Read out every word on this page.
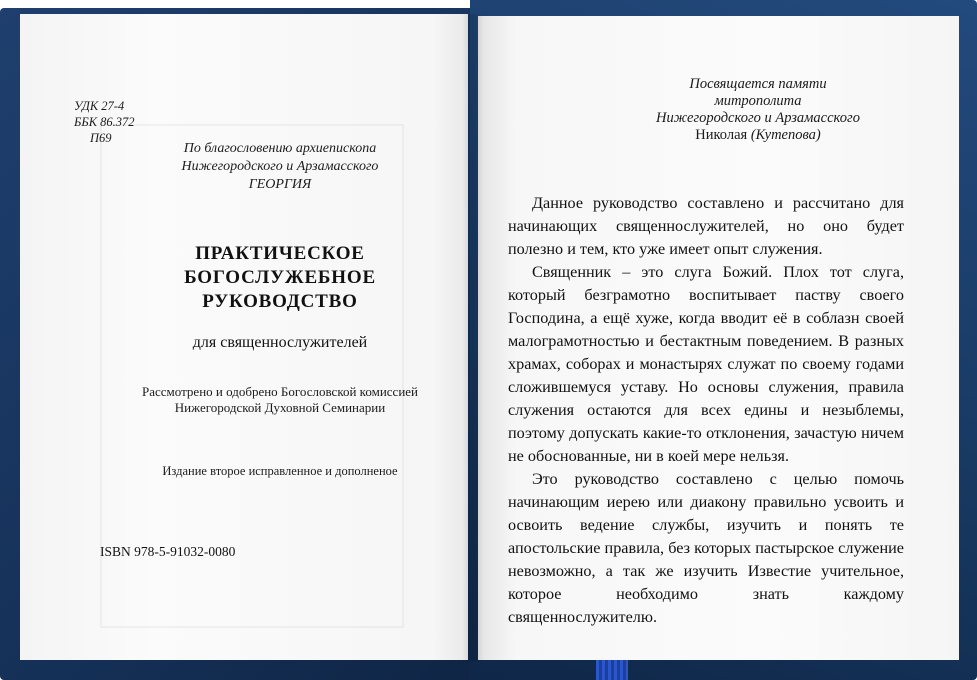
УДК 27-4
ББК 86.372
П69
По благословению архиепископа
Нижегородского и Арзамасского
ГЕОРГИЯ
ПРАКТИЧЕСКОЕ
БОГОСЛУЖЕБНОЕ
РУКОВОДСТВО
для священнослужителей
Рассмотрено и одобрено Богословской комиссией
Нижегородской Духовной Семинарии
Издание второе исправленное и дополненое
ISBN 978-5-91032-0080
Посвящается памяти
митрополита
Нижегородского и Арзамасского
Николая (Кутепова)

Данное руководство составлено и рассчитано для начинающих священнослужителей, но оно будет полезно и тем, кто уже имеет опыт служения.

Священник – это слуга Божий. Плох тот слуга, который безграмотно воспитывает паству своего Господина, а ещё хуже, когда вводит её в соблазн своей малограмотностью и бестактным поведением. В разных храмах, соборах и монастырях служат по своему годами сложившемуся уставу. Но основы служения, правила служения остаются для всех едины и незыблемы, поэтому допускать какие-то отклонения, зачастую ничем не обоснованные, ни в коей мере нельзя.

Это руководство составлено с целью помочь начинающим иерею или диакону правильно усвоить и освоить ведение службы, изучить и понять те апостольские правила, без которых пастырское служение невозможно, а так же изучить Известие учительное, которое необходимо знать каждому священнослужителю.
